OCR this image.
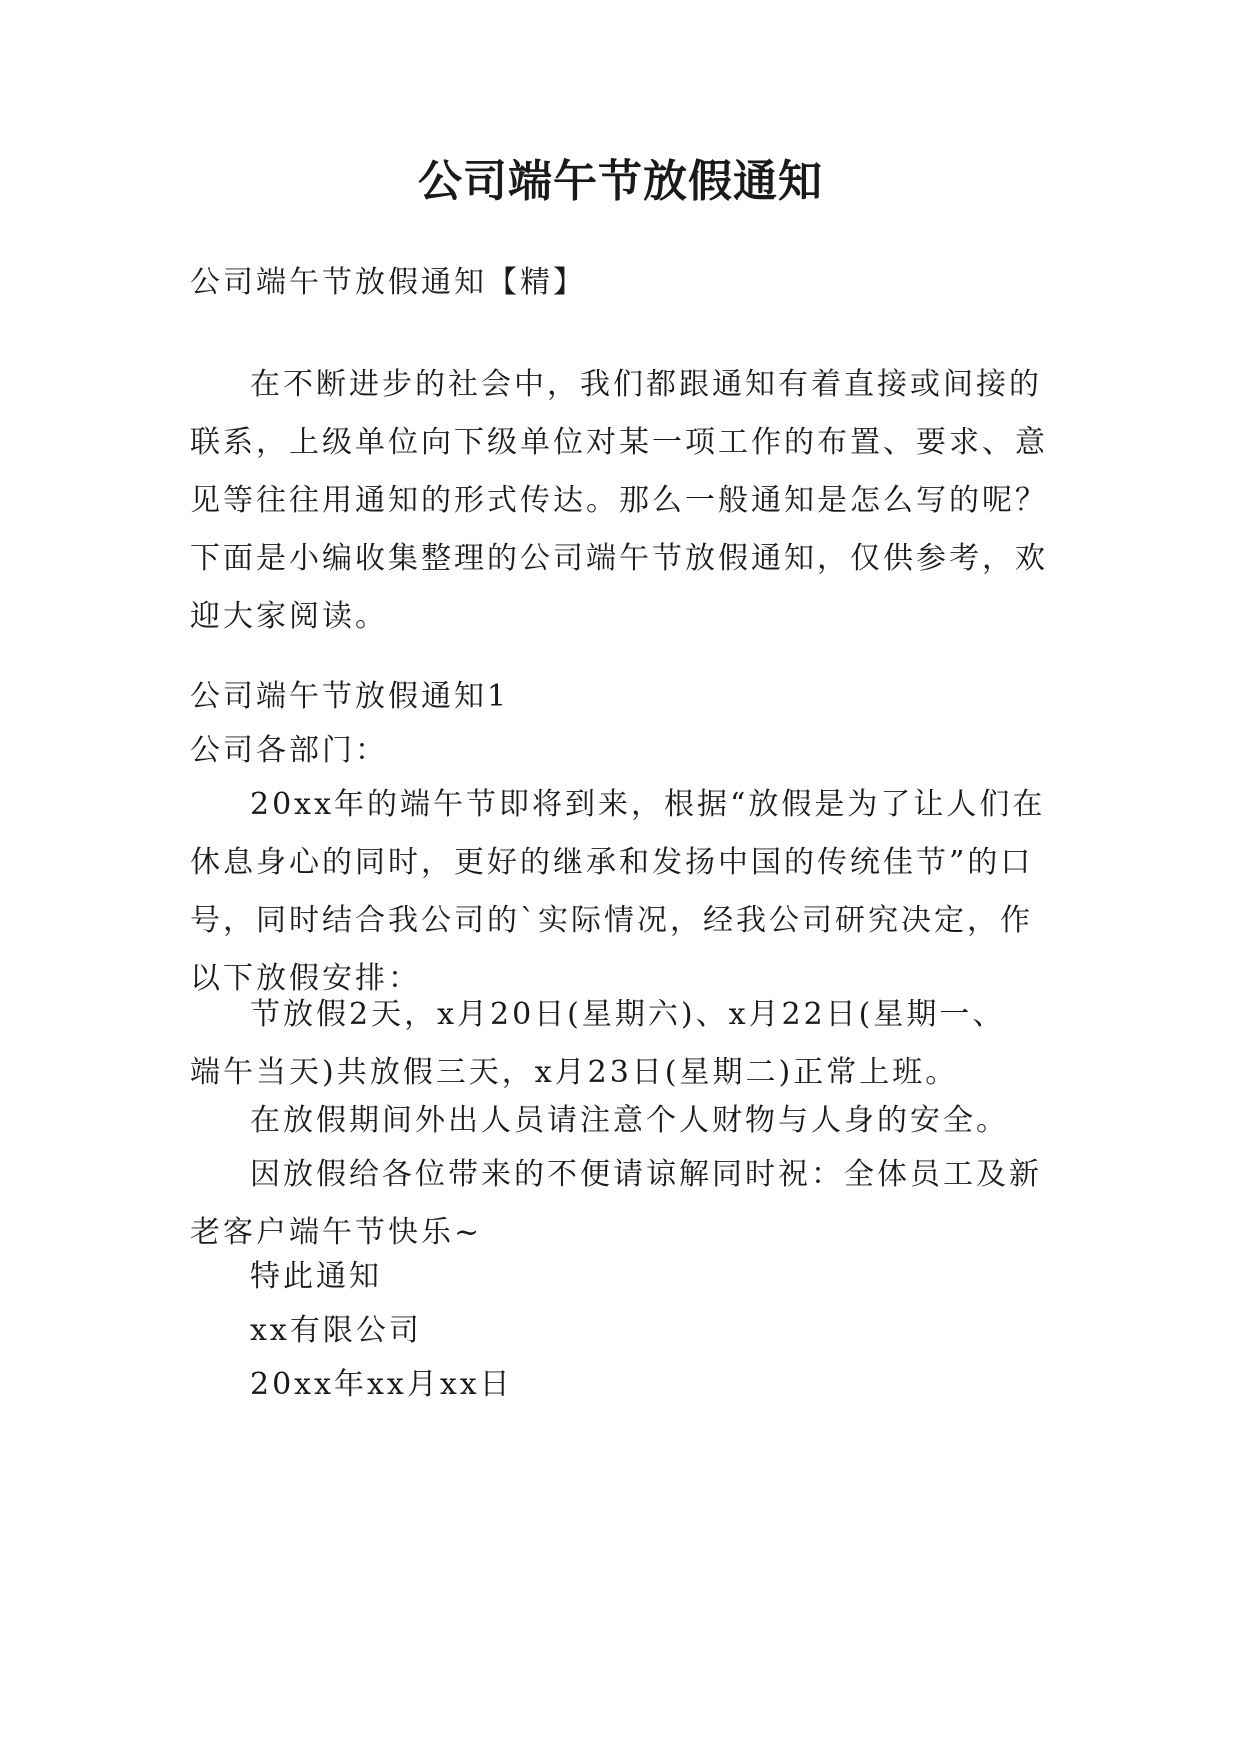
公司端午节放假通知

公司端午节放假通知【精】

在不断进步的社会中，我们都跟通知有着直接或间接的
联系，上级单位向下级单位对某一项工作的布置、要求、意
见等往往用通知的形式传达。那么一般通知是怎么写的呢？
下面是小编收集整理的公司端午节放假通知，仅供参考，欢
迎大家阅读。

公司端午节放假通知1

公司各部门：

20xx年的端午节即将到来，根据“放假是为了让人们在
休息身心的同时，更好的继承和发扬中国的传统佳节”的口
号，同时结合我公司的`实际情况，经我公司研究决定，作
以下放假安排：
节放假2天，x月20日(星期六)、x月22日(星期一、
端午当天)共放假三天，x月23日(星期二)正常上班。

在放假期间外出人员请注意个人财物与人身的安全。

因放假给各位带来的不便请谅解同时祝：全体员工及新
老客户端午节快乐~

特此通知

xx有限公司

20xx年xx月xx日
